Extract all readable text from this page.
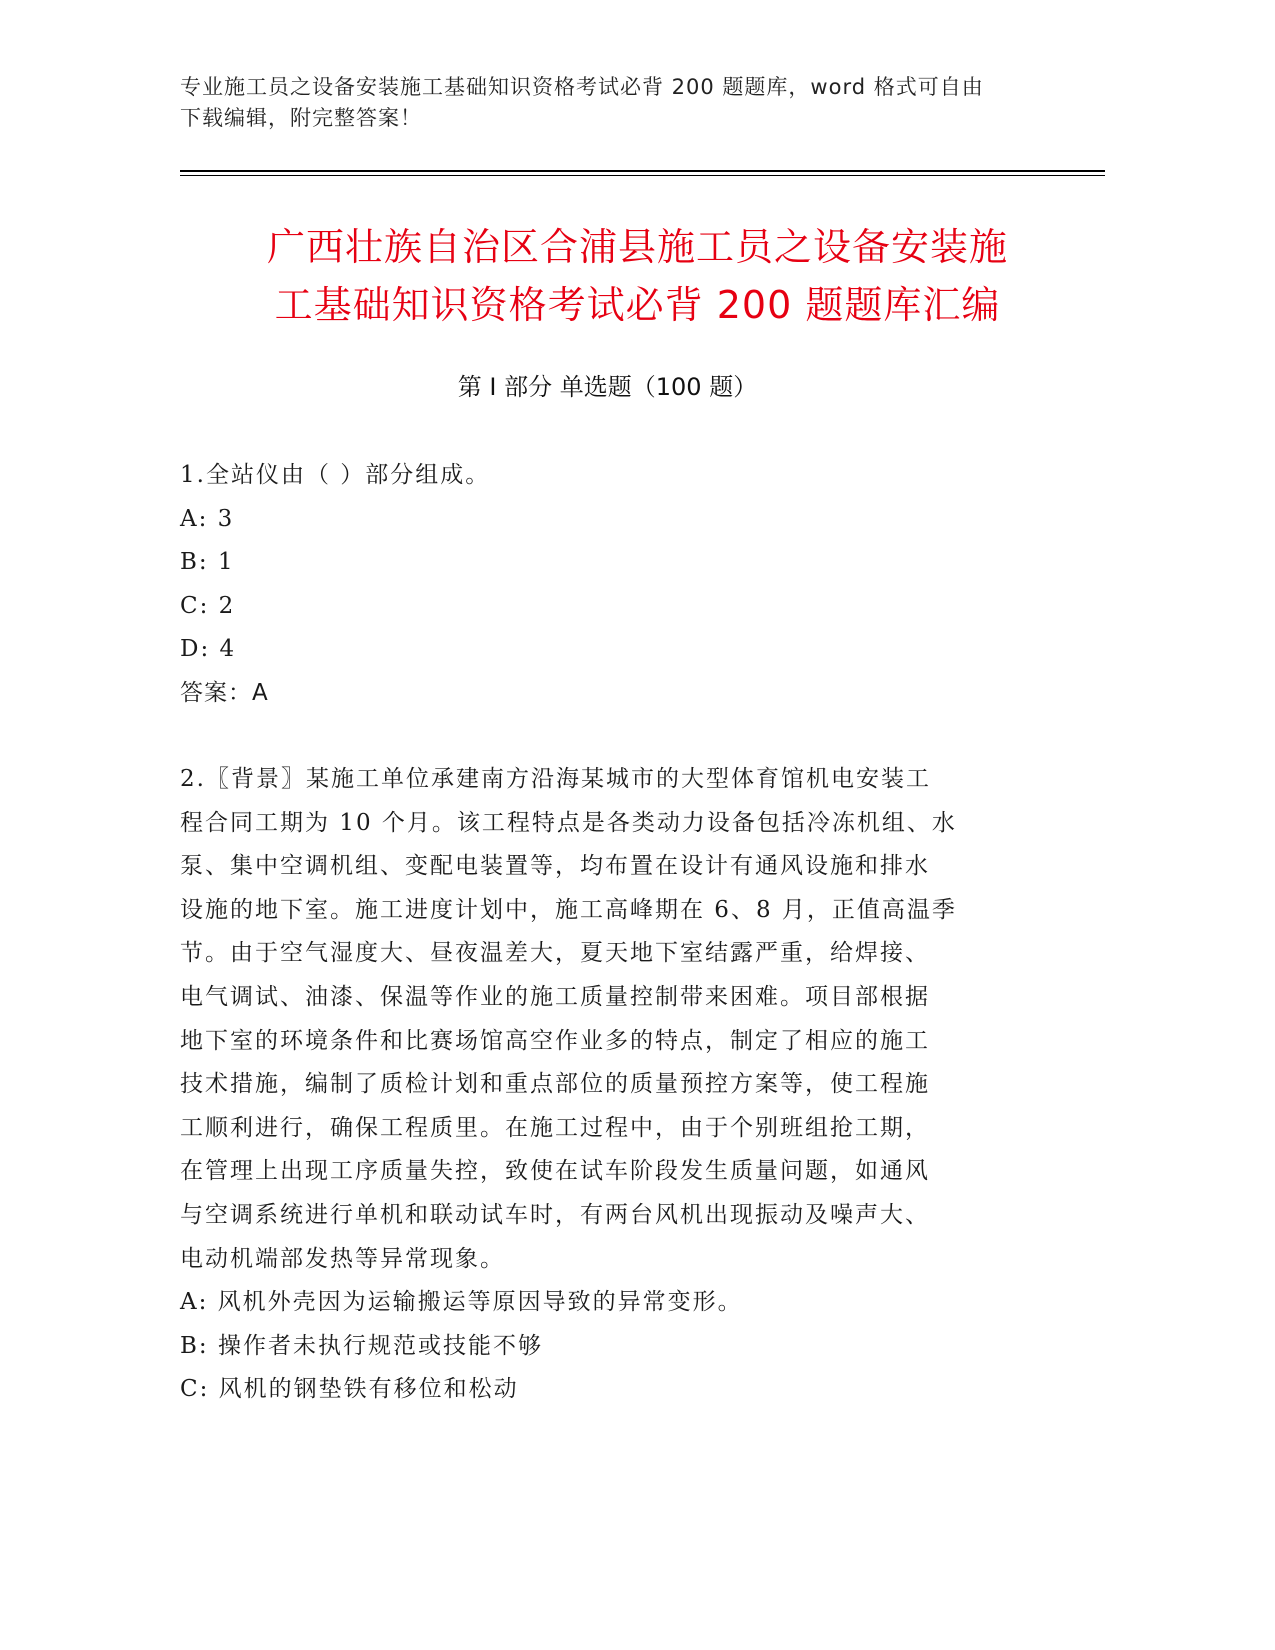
专业施工员之设备安装施工基础知识资格考试必背 200 题题库，word 格式可自由
下载编辑，附完整答案！
广西壮族自治区合浦县施工员之设备安装施
工基础知识资格考试必背 200 题题库汇编
第 I 部分 单选题（100 题）
1.全站仪由（ ）部分组成。
A: 3
B: 1
C: 2
D: 4
答案：A
2.〖背景〗某施工单位承建南方沿海某城市的大型体育馆机电安装工
程合同工期为 10 个月。该工程特点是各类动力设备包括冷冻机组、水
泵、集中空调机组、变配电装置等，均布置在设计有通风设施和排水
设施的地下室。施工进度计划中，施工高峰期在 6、8 月，正值高温季
节。由于空气湿度大、昼夜温差大，夏天地下室结露严重，给焊接、
电气调试、油漆、保温等作业的施工质量控制带来困难。项目部根据
地下室的环境条件和比赛场馆高空作业多的特点，制定了相应的施工
技术措施，编制了质检计划和重点部位的质量预控方案等，使工程施
工顺利进行，确保工程质里。在施工过程中，由于个别班组抢工期，
在管理上出现工序质量失控，致使在试车阶段发生质量问题，如通风
与空调系统进行单机和联动试车时，有两台风机出现振动及噪声大、
电动机端部发热等异常现象。
A: 风机外壳因为运输搬运等原因导致的异常变形。
B: 操作者未执行规范或技能不够
C: 风机的钢垫铁有移位和松动
